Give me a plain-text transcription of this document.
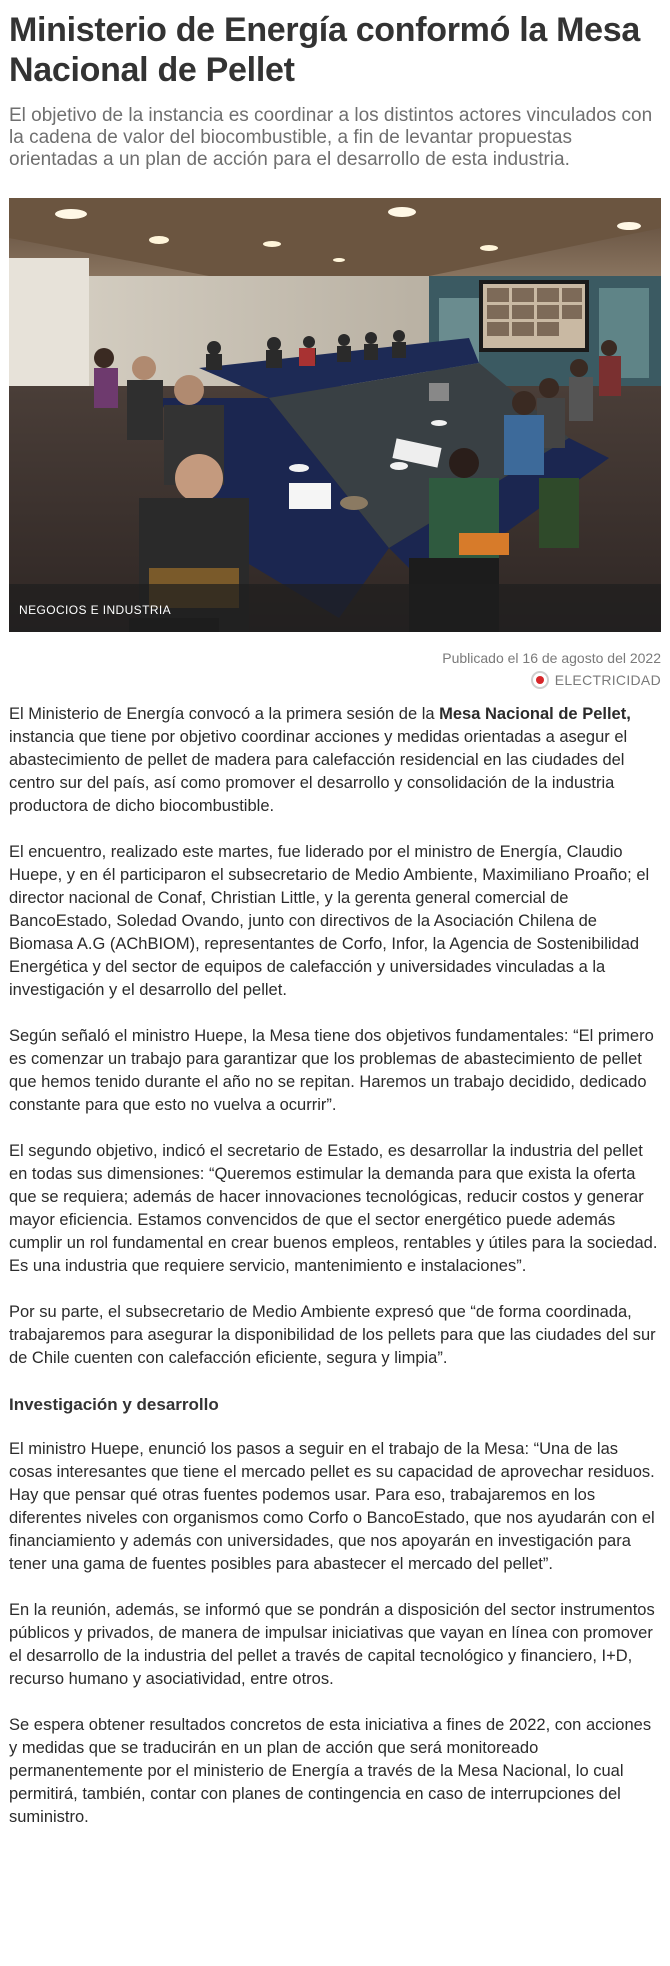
Ministerio de Energía conformó la Mesa Nacional de Pellet

El objetivo de la instancia es coordinar a los distintos actores vinculados con la cadena de valor del biocombustible, a fin de levantar propuestas orientadas a un plan de acción para el desarrollo de esta industria.

NEGOCIOS E INDUSTRIA
Publicado el 16 de agosto del 2022
ELECTRICIDAD

El Ministerio de Energía convocó a la primera sesión de la Mesa Nacional de Pellet, instancia que tiene por objetivo coordinar acciones y medidas orientadas a asegur el abastecimiento de pellet de madera para calefacción residencial en las ciudades del centro sur del país, así como promover el desarrollo y consolidación de la industria productora de dicho biocombustible.

El encuentro, realizado este martes, fue liderado por el ministro de Energía, Claudio Huepe, y en él participaron el subsecretario de Medio Ambiente, Maximiliano Proaño; el director nacional de Conaf, Christian Little, y la gerenta general comercial de BancoEstado, Soledad Ovando, junto con directivos de la Asociación Chilena de Biomasa A.G (AChBIOM), representantes de Corfo, Infor, la Agencia de Sostenibilidad Energética y del sector de equipos de calefacción y universidades vinculadas a la investigación y el desarrollo del pellet.

Según señaló el ministro Huepe, la Mesa tiene dos objetivos fundamentales: “El primero es comenzar un trabajo para garantizar que los problemas de abastecimiento de pellet que hemos tenido durante el año no se repitan. Haremos un trabajo decidido, dedicado constante para que esto no vuelva a ocurrir”.

El segundo objetivo, indicó el secretario de Estado, es desarrollar la industria del pellet en todas sus dimensiones: “Queremos estimular la demanda para que exista la oferta que se requiera; además de hacer innovaciones tecnológicas, reducir costos y generar mayor eficiencia. Estamos convencidos de que el sector energético puede además cumplir un rol fundamental en crear buenos empleos, rentables y útiles para la sociedad. Es una industria que requiere servicio, mantenimiento e instalaciones”.

Por su parte, el subsecretario de Medio Ambiente expresó que “de forma coordinada, trabajaremos para asegurar la disponibilidad de los pellets para que las ciudades del sur de Chile cuenten con calefacción eficiente, segura y limpia”.

Investigación y desarrollo

El ministro Huepe, enunció los pasos a seguir en el trabajo de la Mesa: “Una de las cosas interesantes que tiene el mercado pellet es su capacidad de aprovechar residuos. Hay que pensar qué otras fuentes podemos usar. Para eso, trabajaremos en los diferentes niveles con organismos como Corfo o BancoEstado, que nos ayudarán con el financiamiento y además con universidades, que nos apoyarán en investigación para tener una gama de fuentes posibles para abastecer el mercado del pellet”.

En la reunión, además, se informó que se pondrán a disposición del sector instrumentos públicos y privados, de manera de impulsar iniciativas que vayan en línea con promover el desarrollo de la industria del pellet a través de capital tecnológico y financiero, I+D, recurso humano y asociatividad, entre otros.

Se espera obtener resultados concretos de esta iniciativa a fines de 2022, con acciones y medidas que se traducirán en un plan de acción que será monitoreado permanentemente por el ministerio de Energía a través de la Mesa Nacional, lo cual permitirá, también, contar con planes de contingencia en caso de interrupciones del suministro.
